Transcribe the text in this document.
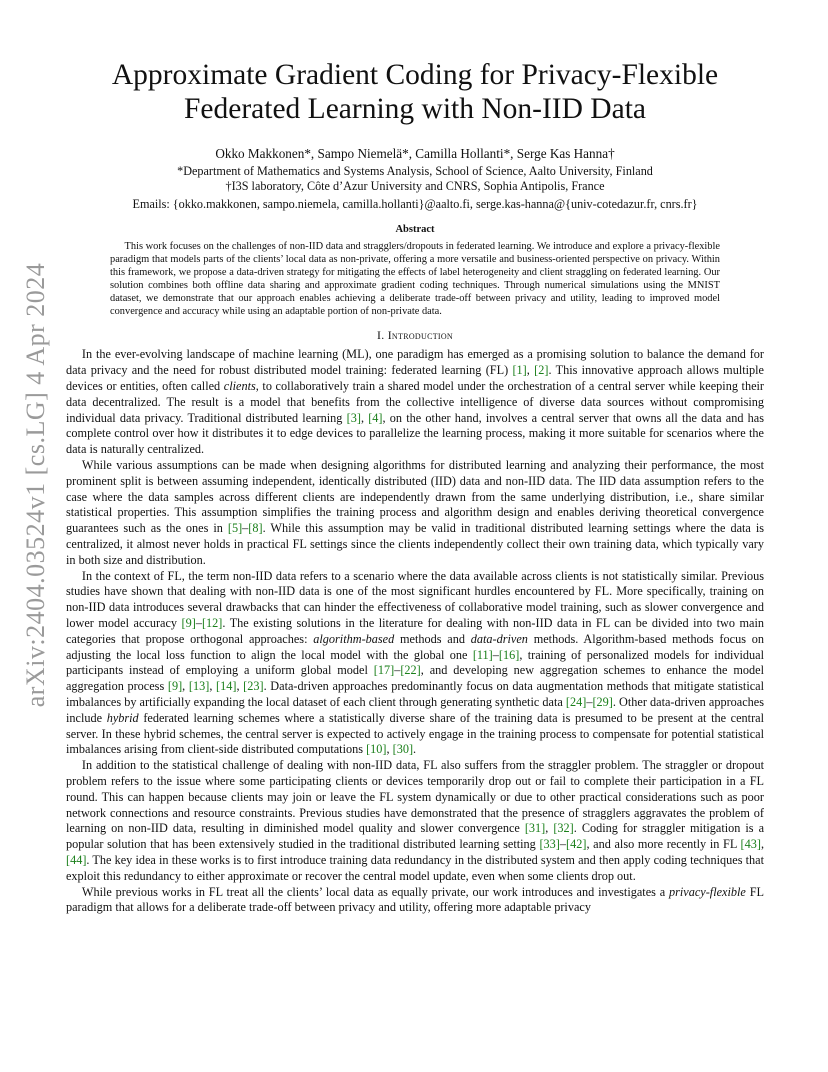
arXiv:2404.03524v1 [cs.LG] 4 Apr 2024
Approximate Gradient Coding for Privacy-Flexible Federated Learning with Non-IID Data

Okko Makkonen*, Sampo Niemelä*, Camilla Hollanti*, Serge Kas Hanna†

*Department of Mathematics and Systems Analysis, School of Science, Aalto University, Finland

†I3S laboratory, Côte d’Azur University and CNRS, Sophia Antipolis, France

Emails: {okko.makkonen, sampo.niemela, camilla.hollanti}@aalto.fi, serge.kas-hanna@{univ-cotedazur.fr, cnrs.fr}

Abstract

This work focuses on the challenges of non-IID data and stragglers/dropouts in federated learning. We introduce and explore a privacy-flexible paradigm that models parts of the clients’ local data as non-private, offering a more versatile and business-oriented perspective on privacy. Within this framework, we propose a data-driven strategy for mitigating the effects of label heterogeneity and client straggling on federated learning. Our solution combines both offline data sharing and approximate gradient coding techniques. Through numerical simulations using the MNIST dataset, we demonstrate that our approach enables achieving a deliberate trade-off between privacy and utility, leading to improved model convergence and accuracy while using an adaptable portion of non-private data.

I. Introduction

In the ever-evolving landscape of machine learning (ML), one paradigm has emerged as a promising solution to balance the demand for data privacy and the need for robust distributed model training: federated learning (FL) [1], [2]. This innovative approach allows multiple devices or entities, often called clients, to collaboratively train a shared model under the orchestration of a central server while keeping their data decentralized. The result is a model that benefits from the collective intelligence of diverse data sources without compromising individual data privacy. Traditional distributed learning [3], [4], on the other hand, involves a central server that owns all the data and has complete control over how it distributes it to edge devices to parallelize the learning process, making it more suitable for scenarios where the data is naturally centralized.

While various assumptions can be made when designing algorithms for distributed learning and analyzing their performance, the most prominent split is between assuming independent, identically distributed (IID) data and non-IID data. The IID data assumption refers to the case where the data samples across different clients are independently drawn from the same underlying distribution, i.e., share similar statistical properties. This assumption simplifies the training process and algorithm design and enables deriving theoretical convergence guarantees such as the ones in [5]–[8]. While this assumption may be valid in traditional distributed learning settings where the data is centralized, it almost never holds in practical FL settings since the clients independently collect their own training data, which typically vary in both size and distribution.

In the context of FL, the term non-IID data refers to a scenario where the data available across clients is not statistically similar. Previous studies have shown that dealing with non-IID data is one of the most significant hurdles encountered by FL. More specifically, training on non-IID data introduces several drawbacks that can hinder the effectiveness of collaborative model training, such as slower convergence and lower model accuracy [9]–[12]. The existing solutions in the literature for dealing with non-IID data in FL can be divided into two main categories that propose orthogonal approaches: algorithm-based methods and data-driven methods. Algorithm-based methods focus on adjusting the local loss function to align the local model with the global one [11]–[16], training of personalized models for individual participants instead of employing a uniform global model [17]–[22], and developing new aggregation schemes to enhance the model aggregation process [9], [13], [14], [23]. Data-driven approaches predominantly focus on data augmentation methods that mitigate statistical imbalances by artificially expanding the local dataset of each client through generating synthetic data [24]–[29]. Other data-driven approaches include hybrid federated learning schemes where a statistically diverse share of the training data is presumed to be present at the central server. In these hybrid schemes, the central server is expected to actively engage in the training process to compensate for potential statistical imbalances arising from client-side distributed computations [10], [30].

In addition to the statistical challenge of dealing with non-IID data, FL also suffers from the straggler problem. The straggler or dropout problem refers to the issue where some participating clients or devices temporarily drop out or fail to complete their participation in a FL round. This can happen because clients may join or leave the FL system dynamically or due to other practical considerations such as poor network connections and resource constraints. Previous studies have demonstrated that the presence of stragglers aggravates the problem of learning on non-IID data, resulting in diminished model quality and slower convergence [31], [32]. Coding for straggler mitigation is a popular solution that has been extensively studied in the traditional distributed learning setting [33]–[42], and also more recently in FL [43], [44]. The key idea in these works is to first introduce training data redundancy in the distributed system and then apply coding techniques that exploit this redundancy to either approximate or recover the central model update, even when some clients drop out.

While previous works in FL treat all the clients’ local data as equally private, our work introduces and investigates a privacy-flexible FL paradigm that allows for a deliberate trade-off between privacy and utility, offering more adaptable privacy
